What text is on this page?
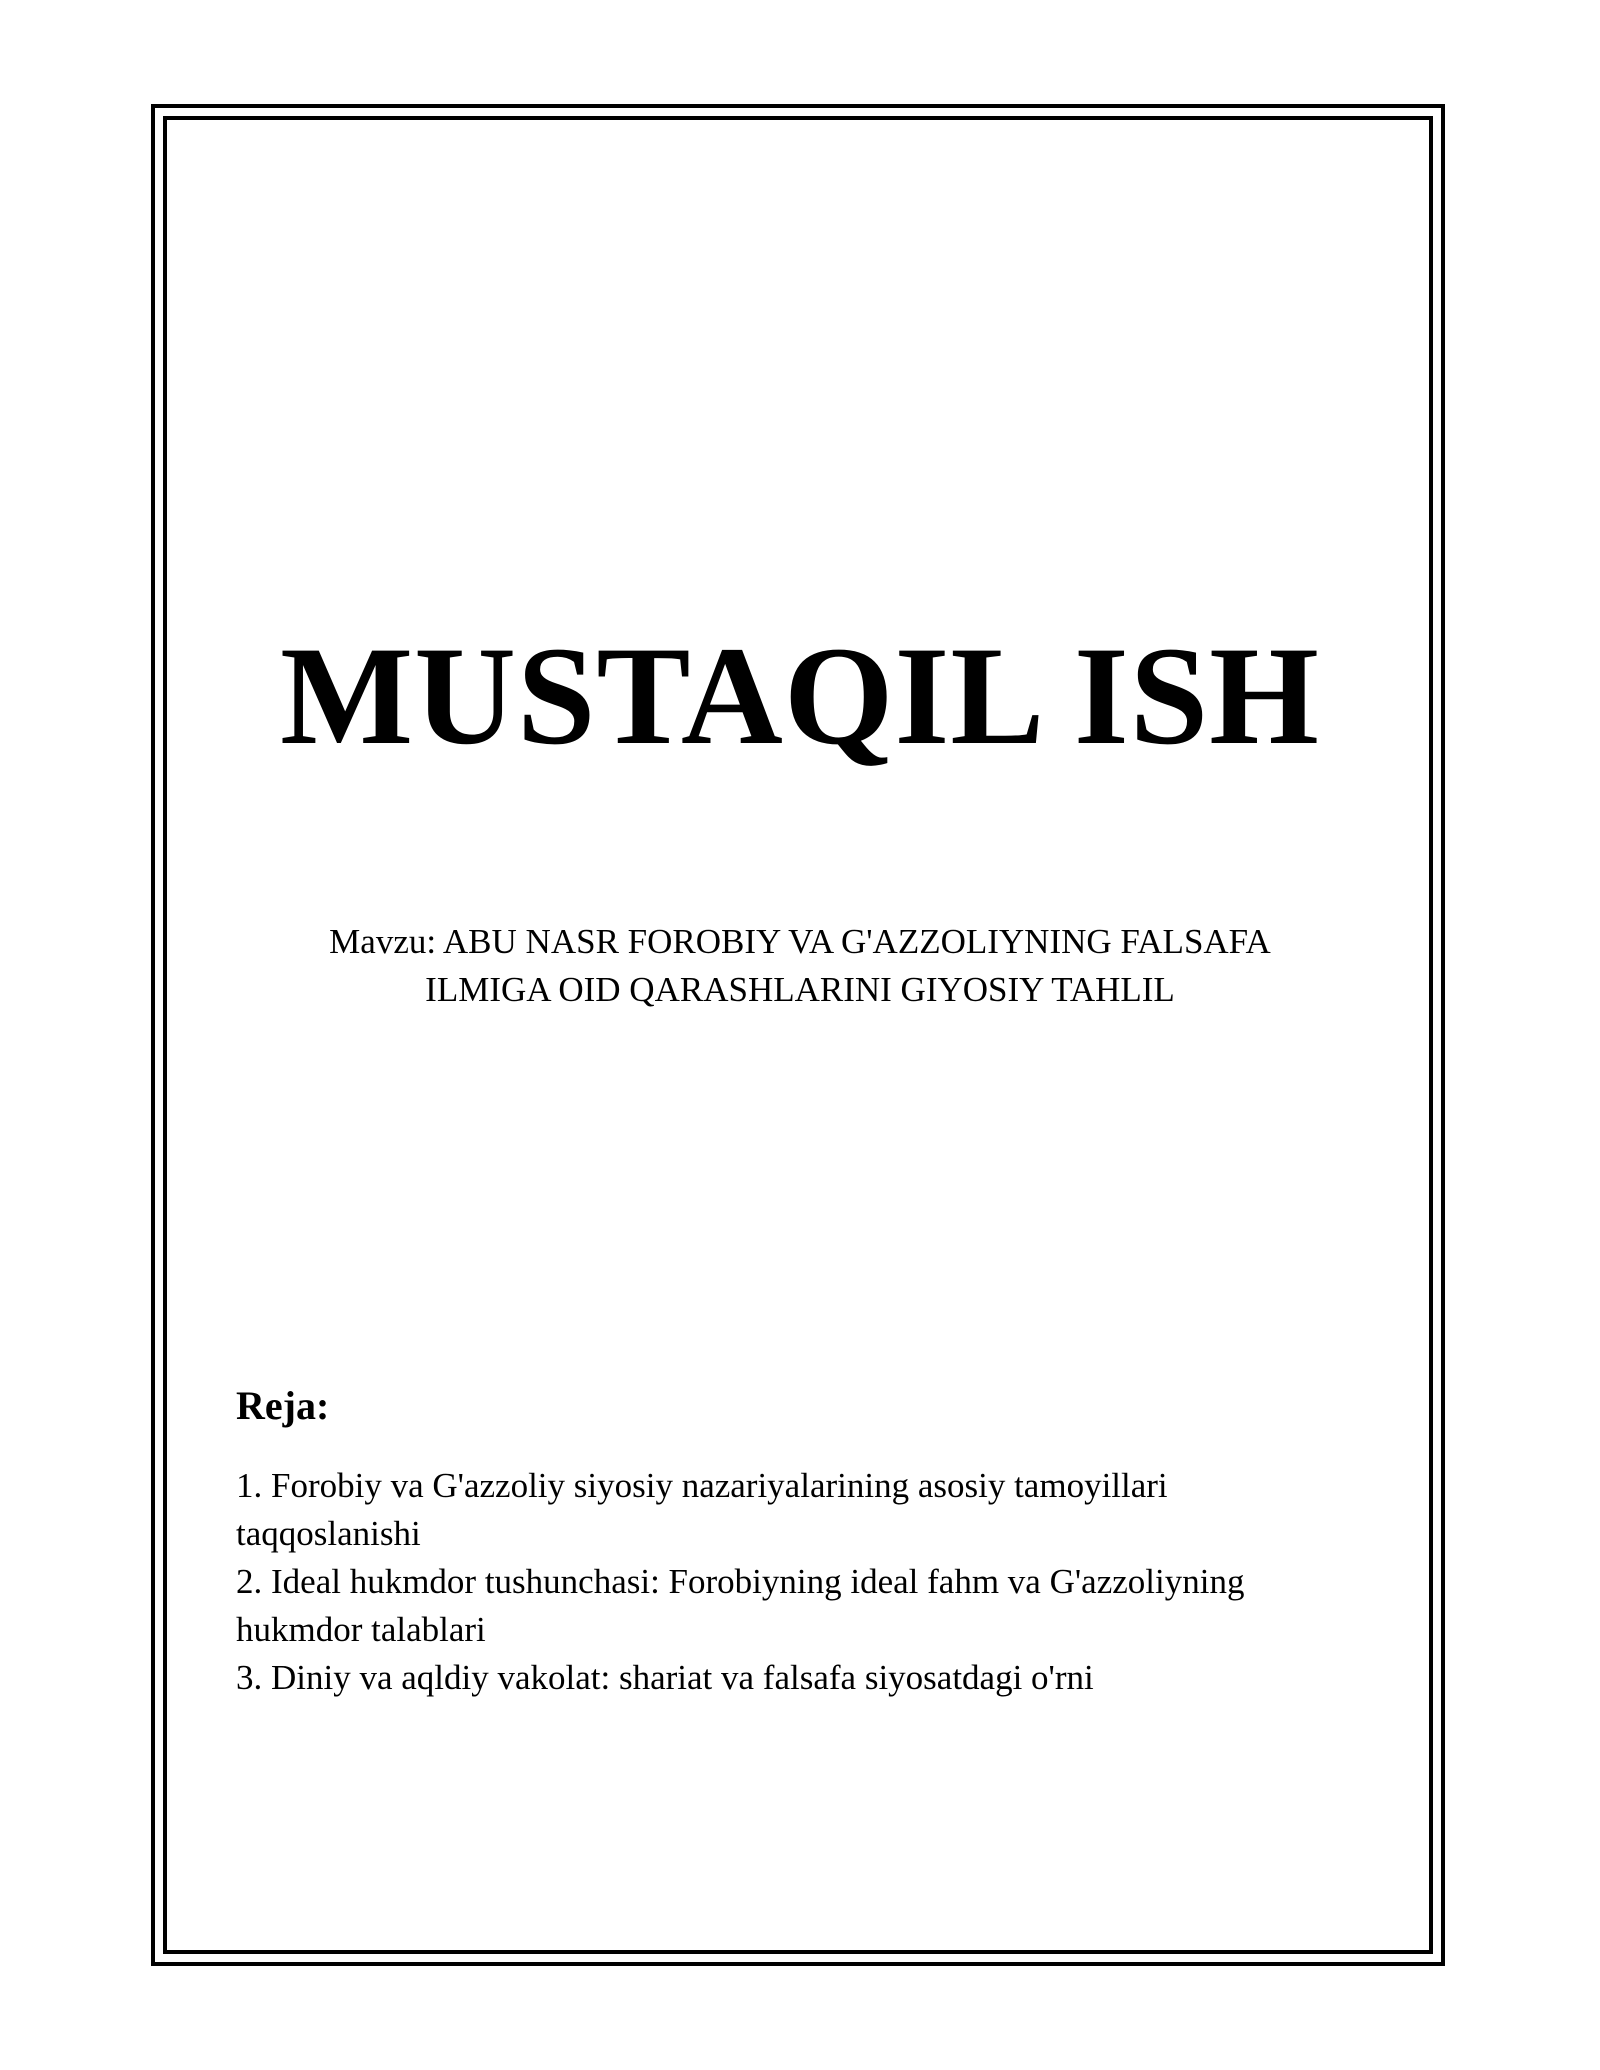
MUSTAQIL ISH
Mavzu: ABU NASR FOROBIY VA G'AZZOLIYNING FALSAFA
ILMIGA OID QARASHLARINI GIYOSIY TAHLIL
Reja:
1. Forobiy va G'azzoliy siyosiy nazariyalarining asosiy tamoyillari taqqoslanishi
2. Ideal hukmdor tushunchasi: Forobiyning ideal fahm va G'azzoliyning hukmdor talablari
3. Diniy va aqldiy vakolat: shariat va falsafa siyosatdagi o'rni
